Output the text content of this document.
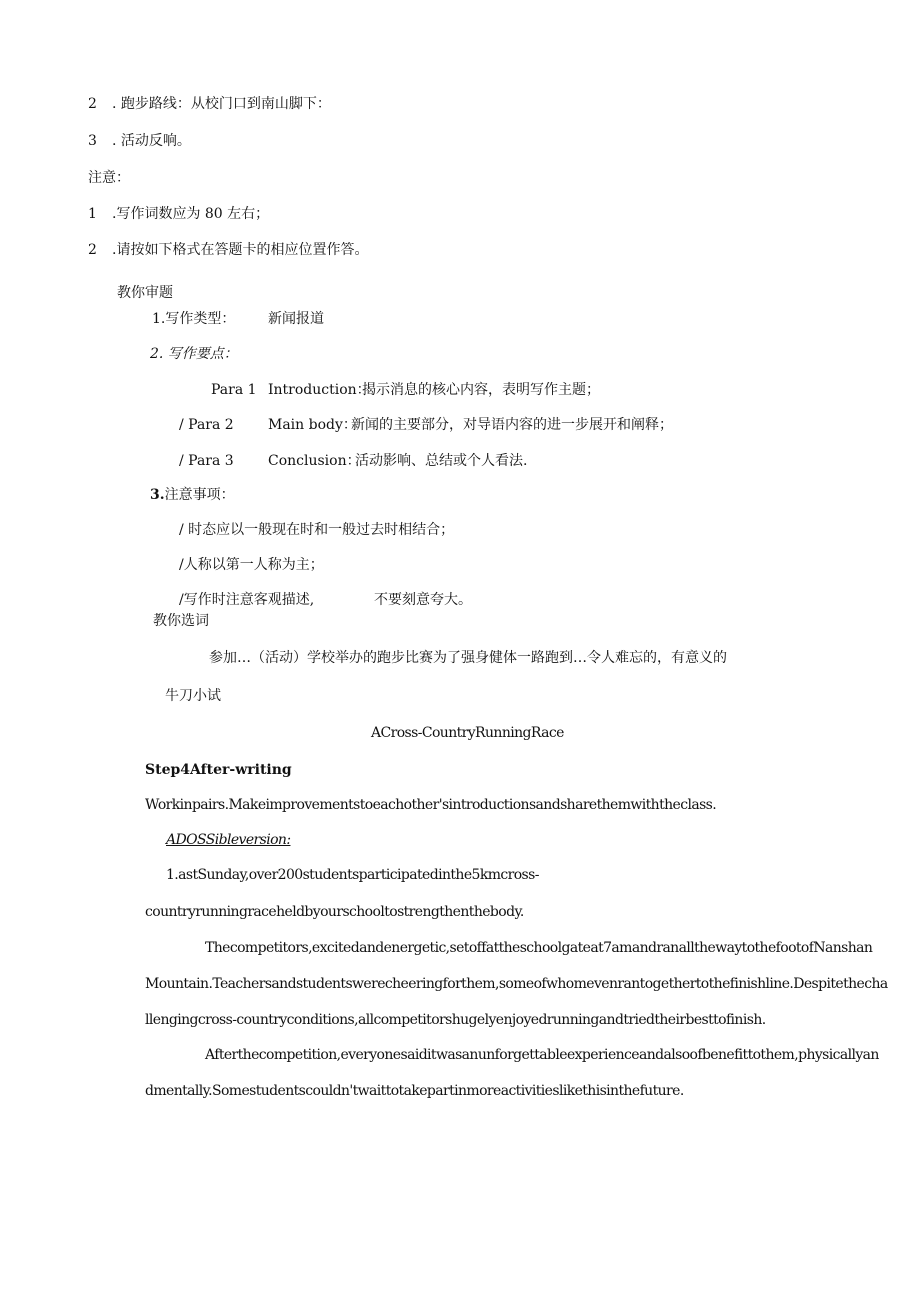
2 . 跑步路线：从校门口到南山脚下：
3 . 活动反响。
注意：
1 .写作词数应为 80 左右；
2 .请按如下格式在答题卡的相应位置作答。
教你审题
1.写作类型： 新闻报道
2. 写作要点：
Para 1 Introduction：
揭示消息的核心内容，表明写作主题；
/ Para 2 Main body：
新闻的主要部分，对导语内容的进一步展开和阐释；
/ Para 3 Conclusion：
活动影响、总结或个人看法.
3.注意事项：
/ 时态应以一般现在时和一般过去时相结合；
/人称以第一人称为主；
/写作时注意客观描述,	不要刻意夸大。
教你选词
参加…（活动）学校举办的跑步比赛为了强身健体一路跑到…令人难忘的，有意义的
牛刀小试
ACross-CountryRunningRace
Step4After-writing
Workinpairs.Makeimprovementstoeachother'sintroductionsandsharethemwiththeclass.
ADOSSibleversion:
1.astSunday,over200studentsparticipatedinthe5kmcross-
countryrunningraceheldbyourschooltostrengthenthebody.
Thecompetitors,excitedandenergetic,setoffattheschoolgateat7amandranallthewaytothefootofNanshan
Mountain.Teachersandstudentswerecheeringforthem,someofwhomevenrantogethertothefinishline.Despitethecha
llengingcross-countryconditions,allcompetitorshugelyenjoyedrunningandtriedtheirbesttofinish.
Afterthecompetition,everyonesaiditwasanunforgettableexperienceandalsoofbenefittothem,physicallyan
dmentally.Somestudentscouldn'twaittotakepartinmoreactivitieslikethisinthefuture.
